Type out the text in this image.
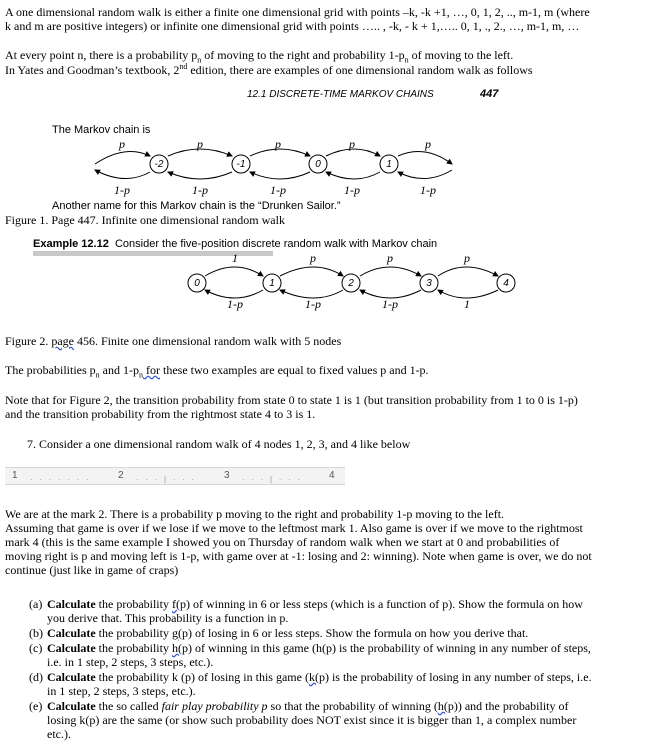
A one dimensional random walk is either a finite one dimensional grid with points –k, -k +1, …, 0, 1, 2, .., m-1, m (where
k and m are positive integers) or infinite one dimensional grid with points ….. , -k, - k + 1,….. 0, 1, ., 2., …, m-1, m, …
At every point n, there is a probability $p_n$ of moving to the right and probability $1-p_n$ of moving to the left.
In Yates and Goodman’s textbook, 2nd edition, there are examples of one dimensional random walk as follows
12.1 DISCRETE-TIME MARKOV CHAINS	447
The Markov chain is
-2	-1	0	1
p	p	p	p	p
1-p	1-p	1-p	1-p	1-p
Another name for this Markov chain is the “Drunken Sailor.”
Figure 1. Page 447. Infinite one dimensional random walk
Example 12.12 Consider the five-position discrete random walk with Markov chain
0	1	2	3	4
1	p	p	p
1-p	1-p	1-p	1
Figure 2. page 456. Finite one dimensional random walk with 5 nodes
The probabilities $p_n$ and $1-p_n$ for these two examples are equal to fixed values p and 1-p.
Note that for Figure 2, the transition probability from state 0 to state 1 is 1 (but transition probability from 1 to 0 is 1-p)
and the transition probability from the rightmost state 4 to 3 is 1.
7. Consider a one dimensional random walk of 4 nodes 1, 2, 3, and 4 like below
1	2	3	4
·   ·   ·   ·   ·   ·   ·	·   ·   ·   |   ·   ·   ·	·   ·   ·   |   ·   ·   ·
We are at the mark 2. There is a probability p moving to the right and probability 1-p moving to the left.
Assuming that game is over if we lose if we move to the leftmost mark 1. Also game is over if we move to the rightmost
mark 4 (this is the same example I showed you on Thursday of random walk when we start at 0 and probabilities of
moving right is p and moving left is 1-p, with game over at -1: losing and 2: winning). Note when game is over, we do not
continue (just like in game of craps)
(a) Calculate the probability f(p) of winning in 6 or less steps (which is a function of p). Show the formula on how
you derive that. This probability is a function in p.
(b) Calculate the probability g(p) of losing in 6 or less steps. Show the formula on how you derive that.
(c) Calculate the probability h(p) of winning in this game (h(p) is the probability of winning in any number of steps,
i.e. in 1 step, 2 steps, 3 steps, etc.).
(d) Calculate the probability k (p) of losing in this game (k(p) is the probability of losing in any number of steps, i.e.
in 1 step, 2 steps, 3 steps, etc.).
(e) Calculate the so called fair play probability p so that the probability of winning (h(p)) and the probability of
losing k(p) are the same (or show such probability does NOT exist since it is bigger than 1, a complex number
etc.).
